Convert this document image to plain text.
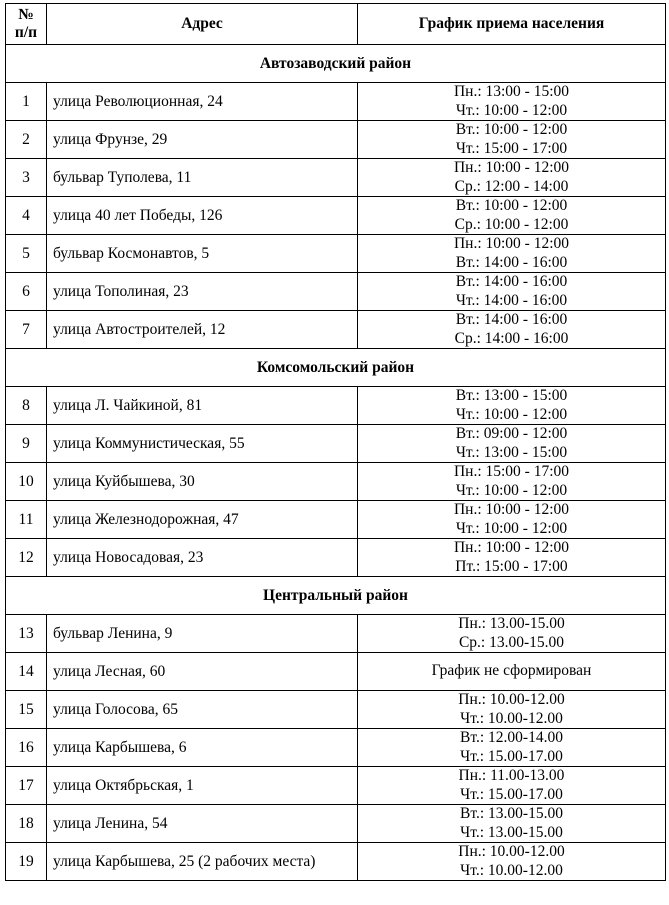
№
п/п	Адрес	График приема населения
Автозаводский район		
1	улица Революционная, 24	Пн.: 13:00 - 15:00
Чт.: 10:00 - 12:00

2	улица Фрунзе, 29	Вт.: 10:00 - 12:00
Чт.: 15:00 - 17:00

3	бульвар Туполева, 11	Пн.: 10:00 - 12:00
Ср.: 12:00 - 14:00

4	улица 40 лет Победы, 126	Вт.: 10:00 - 12:00
Ср.: 10:00 - 12:00

5	бульвар Космонавтов, 5	Пн.: 10:00 - 12:00
Вт.: 14:00 - 16:00

6	улица Тополиная, 23	Вт.: 14:00 - 16:00
Чт.: 14:00 - 16:00

7	улица Автостроителей, 12	Вт.: 14:00 - 16:00
Ср.: 14:00 - 16:00

Комсомольский район		
8	улица Л. Чайкиной, 81	Вт.: 13:00 - 15:00
Чт.: 10:00 - 12:00

9	улица Коммунистическая, 55	Вт.: 09:00 - 12:00
Чт.: 13:00 - 15:00

10	улица Куйбышева, 30	Пн.: 15:00 - 17:00
Чт.: 10:00 - 12:00

11	улица Железнодорожная, 47	Пн.: 10:00 - 12:00
Чт.: 10:00 - 12:00

12	улица Новосадовая, 23	Пн.: 10:00 - 12:00
Пт.: 15:00 - 17:00

Центральный район		
13	бульвар Ленина, 9	Пн.: 13.00-15.00
Ср.: 13.00-15.00

14	улица Лесная, 60	График не сформирован

15	улица Голосова, 65	Пн.: 10.00-12.00
Чт.: 10.00-12.00

16	улица Карбышева, 6	Вт.: 12.00-14.00
Чт.: 15.00-17.00

17	улица Октябрьская, 1	Пн.: 11.00-13.00
Чт.: 15.00-17.00

18	улица Ленина, 54	Вт.: 13.00-15.00
Чт.: 13.00-15.00

19	улица Карбышева, 25 (2 рабочих места)	Пн.: 10.00-12.00
Чт.: 10.00-12.00
